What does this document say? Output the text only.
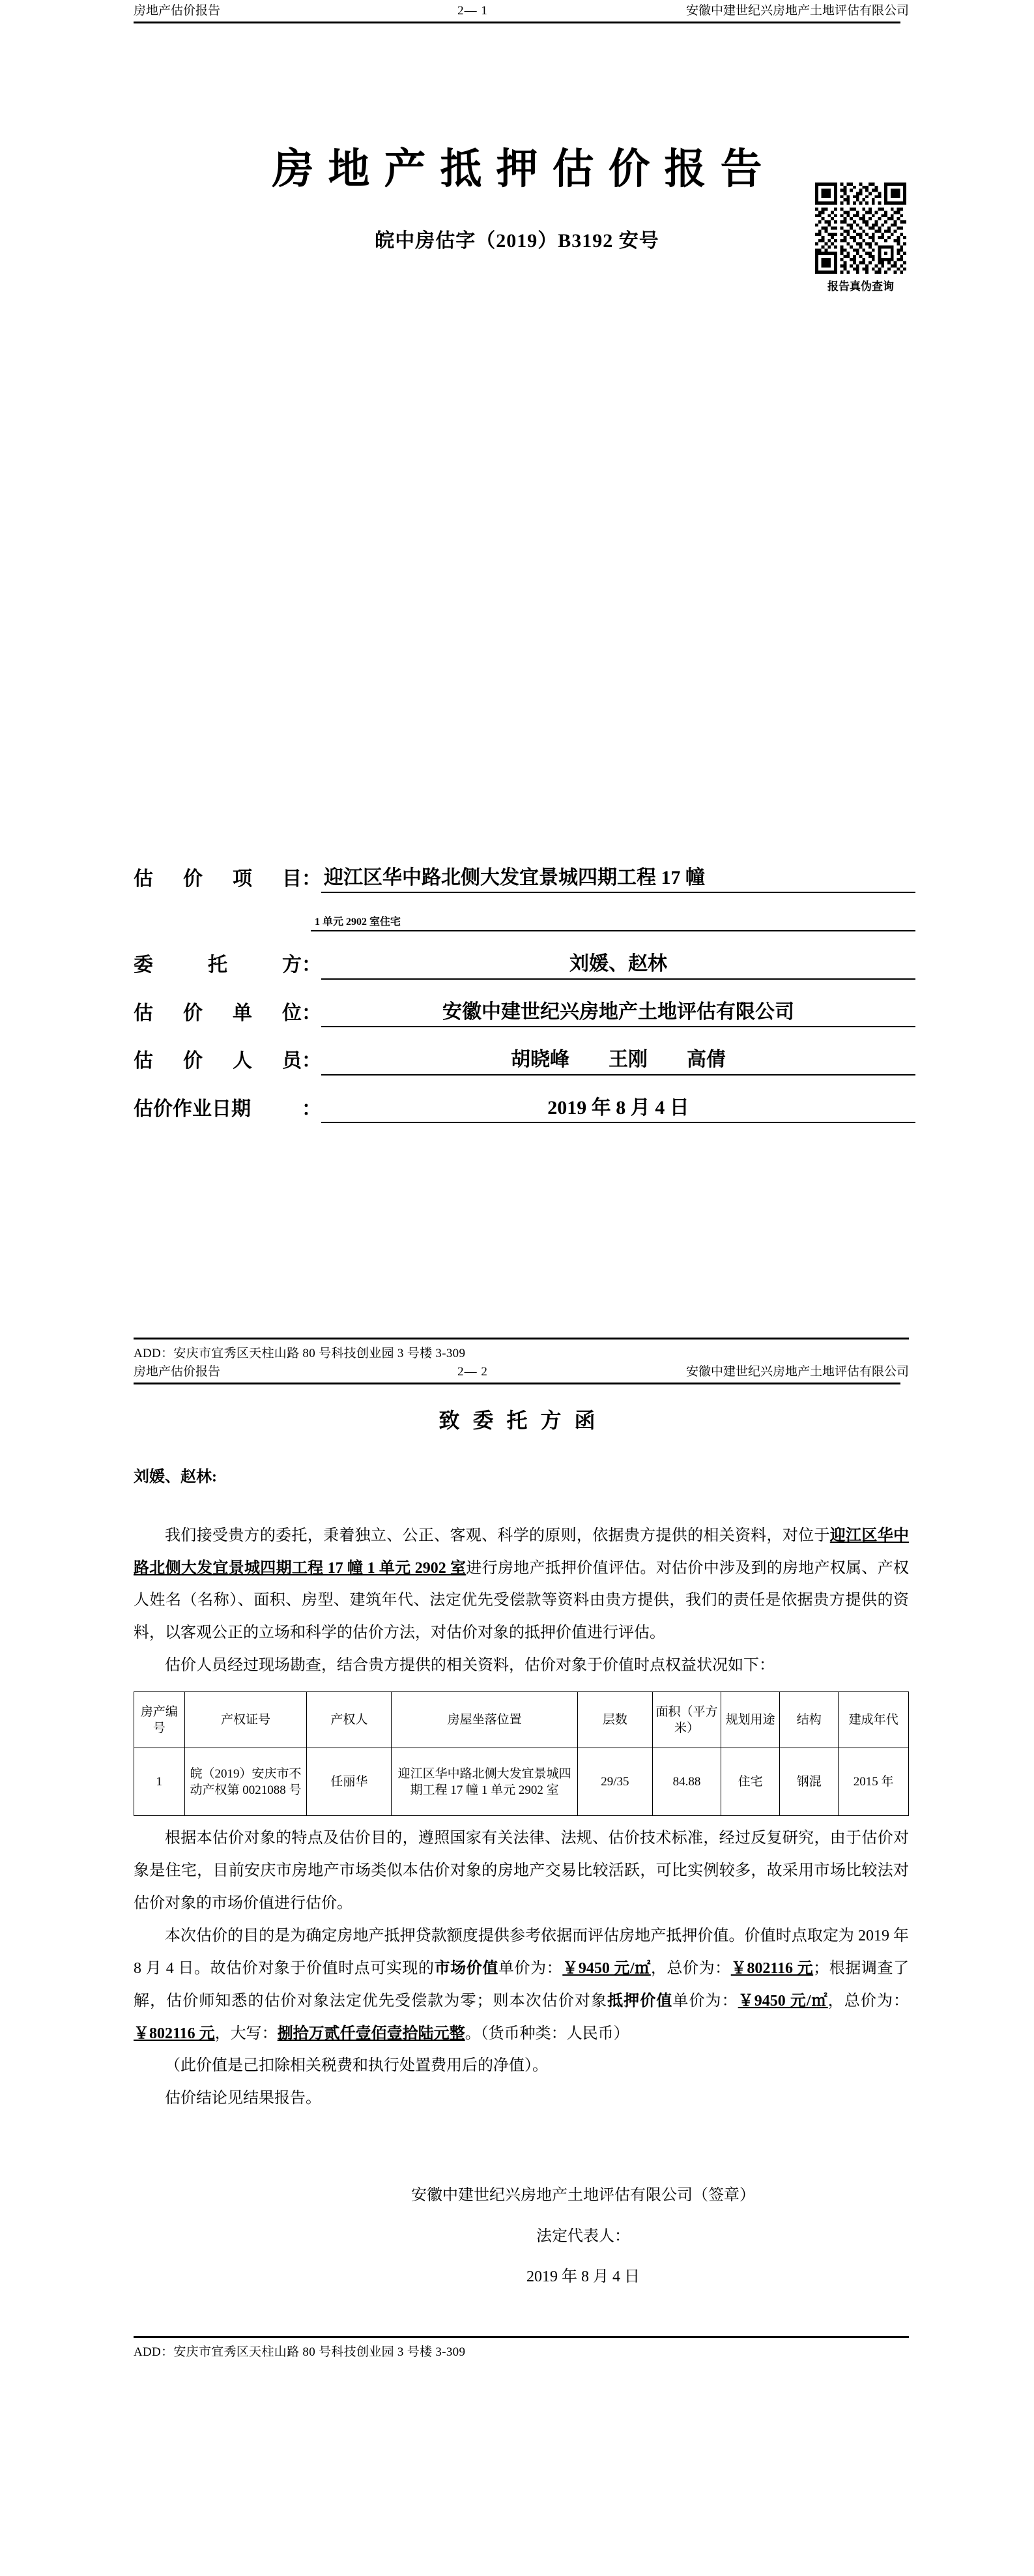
房地产估价报告	2— 1	安徽中建世纪兴房地产土地评估有限公司
报告真伪查询
房地产抵押估价报告
皖中房估字（2019）B3192 安号
估价项目 ： 迎江区华中路北侧大发宜景城四期工程 17 幢
1 单元 2902 室住宅
委托方 ：	刘媛、赵林
估价单位 ：	安徽中建世纪兴房地产土地评估有限公司
估价人员 ：	胡晓峰　　王刚　　高倩
估价作业日期	：	2019 年 8 月 4 日
ADD：安庆市宜秀区天柱山路 80 号科技创业园 3 号楼 3-309
房地产估价报告	2— 2	安徽中建世纪兴房地产土地评估有限公司
致委托方函
刘媛、赵林:

我们接受贵方的委托，秉着独立、公正、客观、科学的原则，依据贵方提供的相关资料，对位于迎江区华中路北侧大发宜景城四期工程 17 幢 1 单元 2902 室进行房地产抵押价值评估。对估价中涉及到的房地产权属、产权人姓名（名称）、面积、房型、建筑年代、法定优先受偿款等资料由贵方提供，我们的责任是依据贵方提供的资料，以客观公正的立场和科学的估价方法，对估价对象的抵押价值进行评估。

估价人员经过现场勘查，结合贵方提供的相关资料，估价对象于价值时点权益状况如下：

房产编号	产权证号	产权人	房屋坐落位置	层数	面积（平方米）	规划用途	结构	建成年代
1	皖（2019）安庆市不动产权第 0021088 号	任丽华	迎江区华中路北侧大发宜景城四期工程 17 幢 1 单元 2902 室	29/35	84.88	住宅	钢混	2015 年

根据本估价对象的特点及估价目的，遵照国家有关法律、法规、估价技术标准，经过反复研究，由于估价对象是住宅，目前安庆市房地产市场类似本估价对象的房地产交易比较活跃，可比实例较多，故采用市场比较法对估价对象的市场价值进行估价。

本次估价的目的是为确定房地产抵押贷款额度提供参考依据而评估房地产抵押价值。价值时点取定为 2019 年 8 月 4 日。故估价对象于价值时点可实现的市场价值单价为：￥9450 元/㎡，总价为：￥802116 元；根据调查了解，估价师知悉的估价对象法定优先受偿款为零；则本次估价对象抵押价值单价为：￥9450 元/㎡，总价为：￥802116 元，大写：捌拾万贰仟壹佰壹拾陆元整。（货币种类：人民币）

（此价值是己扣除相关税费和执行处置费用后的净值）。

估价结论见结果报告。

安徽中建世纪兴房地产土地评估有限公司（签章）
法定代表人：
2019 年 8 月 4 日
ADD：安庆市宜秀区天柱山路 80 号科技创业园 3 号楼 3-309
